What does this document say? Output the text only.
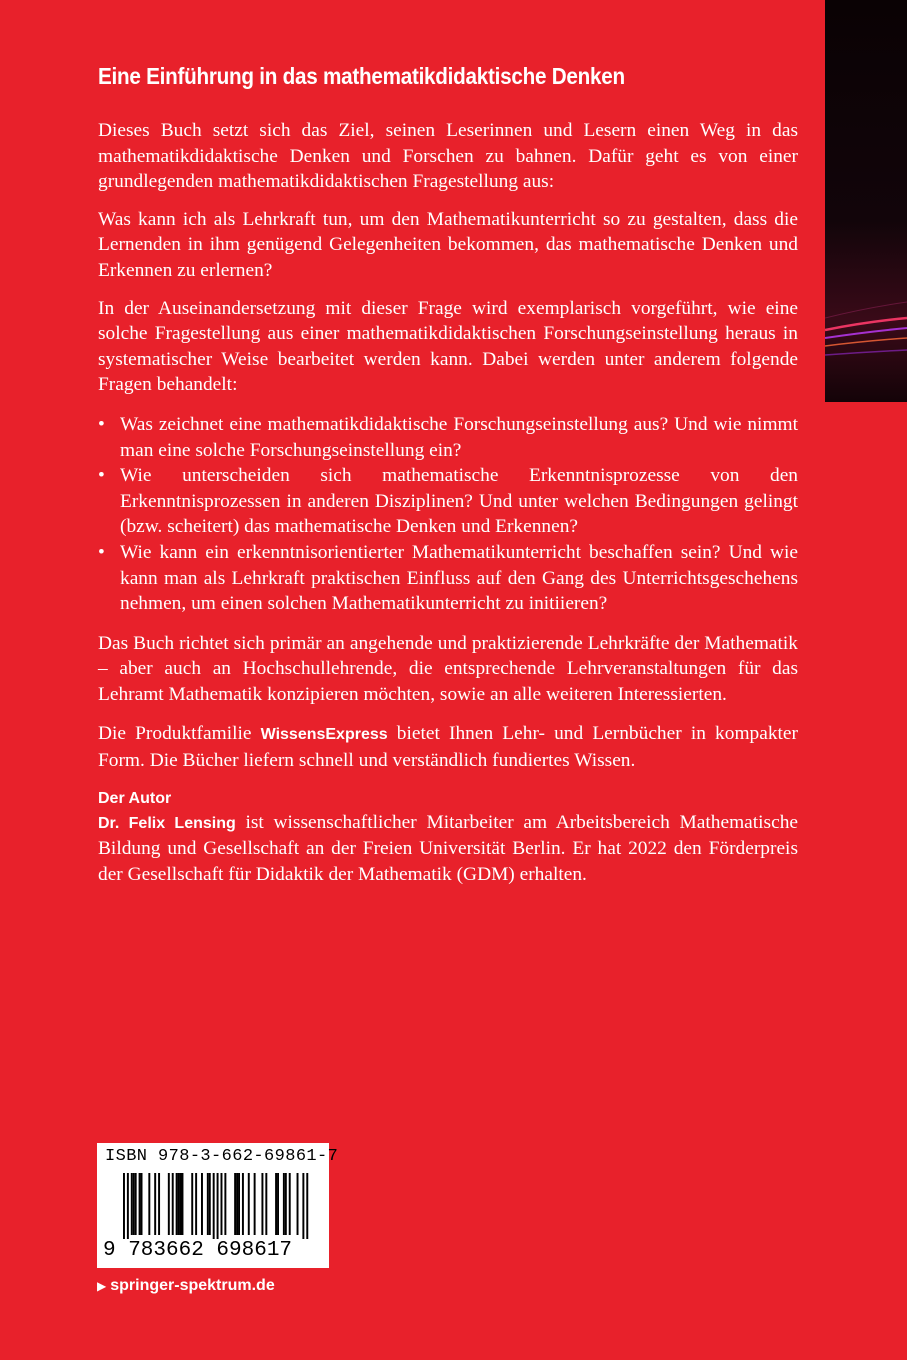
Eine Einführung in das mathematikdidaktische Denken

Dieses Buch setzt sich das Ziel, seinen Leserinnen und Lesern einen Weg in das mathematikdidaktische Denken und Forschen zu bahnen. Dafür geht es von einer grundlegenden mathematikdidaktischen Fragestellung aus:

Was kann ich als Lehrkraft tun, um den Mathematikunterricht so zu gestalten, dass die Lernenden in ihm genügend Gelegenheiten bekommen, das mathematische Denken und Erkennen zu erlernen?

In der Auseinandersetzung mit dieser Frage wird exemplarisch vorgeführt, wie eine solche Fragestellung aus einer mathematikdidaktischen Forschungseinstellung heraus in systematischer Weise bearbeitet werden kann. Dabei werden unter anderem folgende Fragen behandelt:

• Was zeichnet eine mathematikdidaktische Forschungseinstellung aus? Und wie nimmt man eine solche Forschungseinstellung ein?
• Wie unterscheiden sich mathematische Erkenntnisprozesse von den Erkenntnisprozessen in anderen Disziplinen? Und unter welchen Bedingungen gelingt (bzw. scheitert) das mathematische Denken und Erkennen?
• Wie kann ein erkenntnisorientierter Mathematikunterricht beschaffen sein? Und wie kann man als Lehrkraft praktischen Einfluss auf den Gang des Unterrichtsgeschehens nehmen, um einen solchen Mathematikunterricht zu initiieren?

Das Buch richtet sich primär an angehende und praktizierende Lehrkräfte der Mathematik – aber auch an Hochschullehrende, die entsprechende Lehrveranstaltungen für das Lehramt Mathematik konzipieren möchten, sowie an alle weiteren Interessierten.

Die Produktfamilie WissensExpress bietet Ihnen Lehr- und Lernbücher in kompakter Form. Die Bücher liefern schnell und verständlich fundiertes Wissen.

Der Autor

Dr. Felix Lensing ist wissenschaftlicher Mitarbeiter am Arbeitsbereich Mathematische Bildung und Gesellschaft an der Freien Universität Berlin. Er hat 2022 den Förderpreis der Gesellschaft für Didaktik der Mathematik (GDM) erhalten.

ISBN 978-3-662-69861-7
9 783662 698617
▶ springer-spektrum.de
